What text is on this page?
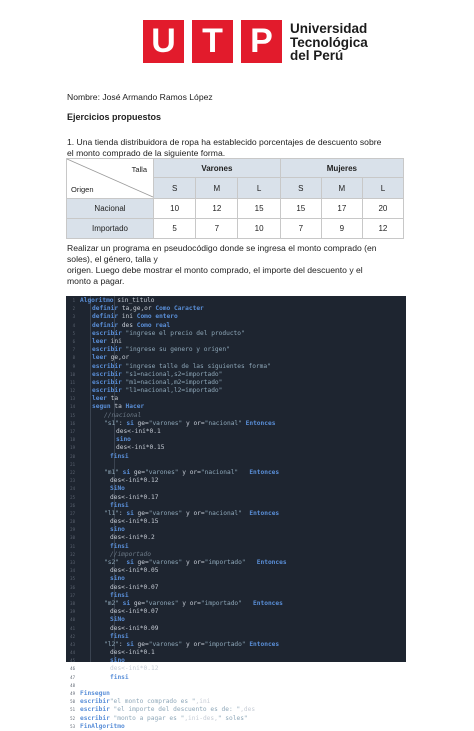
U T P	Universidad
Tecnológica
del Perú
Nombre: José Armando Ramos López
Ejercicios propuestos
1. Una tienda distribuidora de ropa ha establecido porcentajes de descuento sobre
el monto comprado de la siguiente forma.
Talla
Origen	Varones			Mujeres		
	S	M	L	S	M	L
Nacional	10	12	15	15	17	20
Importado	5	7	10	7	9	12
Realizar un programa en pseudocódigo donde se ingresa el monto comprado (en
soles), el género, talla y
origen. Luego debe mostrar el monto comprado, el importe del descuento y el
monto a pagar.
1 Algoritmo sin_titulo
2	definir ta,ge,or Como Caracter
3	definir ini Como entero
4	definir des Como real
5	escribir "ingrese el precio del producto"
6	leer ini
7	escribir "ingrese su genero y origen"
8	leer ge,or
9	escribir "ingrese talle de las siguientes forma"
10	escribir "s1=nacional,s2=importado"
11	escribir "m1=nacional,m2=importado"
12	escribir "l1=nacional,l2=importado"
13	leer ta
14	segun ta Hacer
15	//nacional
16	"s1": si ge="varones" y or="nacional" Entonces
17	des<-ini*0.1
18	sino
19	des<-ini*0.15
20	finsi
21
22	"m1" si ge="varones" y or="nacional"   Entonces
23	des<-ini*0.12
24	SiNo
25	des<-ini*0.17
26	finsi
27	"l1": si ge="varones" y or="nacional"  Entonces
28	des<-ini*0.15
29	sino
30	des<-ini*0.2
31	finsi
32	//importado
33	"s2"  si ge="varones" y or="importado"   Entonces
34	des<-ini*0.05
35	sino
36	des<-ini*0.07
37	finsi
38	"m2" si ge="varones" y or="importado"   Entonces
39	des<-ini*0.07
40	SiNo
41	des<-ini*0.09
42	finsi
43	"l2": si ge="varones" y or="importado" Entonces
44	des<-ini*0.1
45	sino
46	des<-ini*0.12
47	finsi
48
49 Finsegun
50 escribir"el monto comprado es ",ini
51 escribir "el importe del descuento es de: ",des
52 escribir "monto a pagar es ",ini-des," soles"
53 FinAlgoritmo
